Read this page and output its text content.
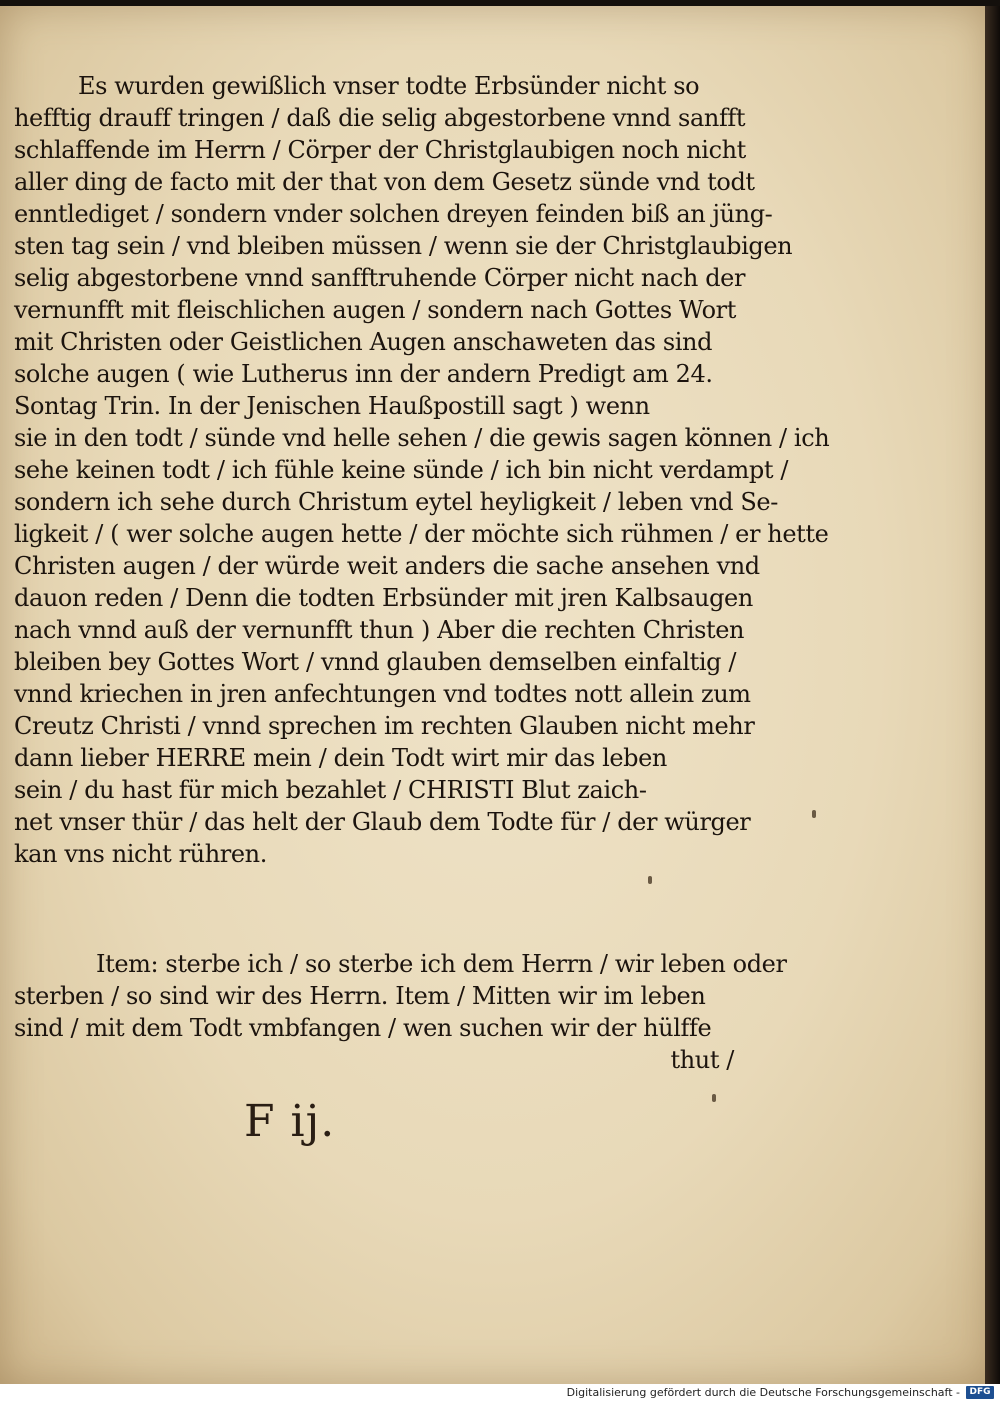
Es wurden gewißlich vnser todte Erbsünder nicht so
hefftig drauff tringen / daß die selig abgestorbene vnnd sanfft
schlaffende im Herrn / Cörper der Christglaubigen noch nicht
aller ding de facto mit der that von dem Gesetz sünde vnd todt
enntlediget / sondern vnder solchen dreyen feinden biß an jüng-
sten tag sein / vnd bleiben müssen / wenn sie der Christglaubigen
selig abgestorbene vnnd sanfftruhende Cörper nicht nach der
vernunfft mit fleischlichen augen / sondern nach Gottes Wort
mit Christen oder Geistlichen Augen anschaweten das sind
solche augen ( wie Lutherus inn der andern Predigt am 24.
Sontag Trin. In der Jenischen Haußpostill sagt ) wenn
sie in den todt / sünde vnd helle sehen / die gewis sagen können / ich
sehe keinen todt / ich fühle keine sünde / ich bin nicht verdampt /
sondern ich sehe durch Christum eytel heyligkeit / leben vnd Se-
ligkeit / ( wer solche augen hette / der möchte sich rühmen / er hette
Christen augen / der würde weit anders die sache ansehen vnd
dauon reden / Denn die todten Erbsünder mit jren Kalbsaugen
nach vnnd auß der vernunfft thun ) Aber die rechten Christen
bleiben bey Gottes Wort / vnnd glauben demselben einfaltig /
vnnd kriechen in jren anfechtungen vnd todtes nott allein zum
Creutz Christi / vnnd sprechen im rechten Glauben nicht mehr
dann lieber HERRE mein / dein Todt wirt mir das leben
sein / du hast für mich bezahlet / CHRISTI Blut zaich-
net vnser thür / das helt der Glaub dem Todte für / der würger
kan vns nicht rühren.
Item: sterbe ich / so sterbe ich dem Herrn / wir leben oder
sterben / so sind wir des Herrn. Item / Mitten wir im leben
sind / mit dem Todt vmbfangen / wen suchen wir der hülffe
thut /
F ij.
Digitalisierung gefördert durch die Deutsche Forschungsgemeinschaft -	DFG
